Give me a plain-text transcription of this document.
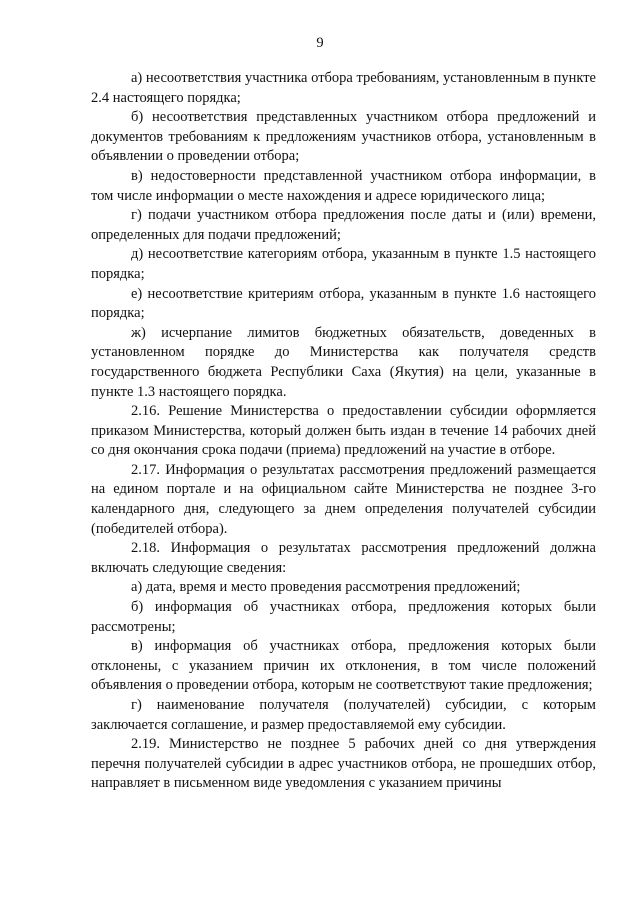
9

а) несоответствия участника отбора требованиям, установленным в пункте 2.4 настоящего порядка;

б) несоответствия представленных участником отбора предложений и документов требованиям к предложениям участников отбора, установленным в объявлении о проведении отбора;

в) недостоверности представленной участником отбора информации, в том числе информации о месте нахождения и адресе юридического лица;

г) подачи участником отбора предложения после даты и (или) времени, определенных для подачи предложений;

д) несоответствие категориям отбора, указанным в пункте 1.5 настоящего порядка;

е) несоответствие критериям отбора, указанным в пункте 1.6 настоящего порядка;

ж) исчерпание лимитов бюджетных обязательств, доведенных в установленном порядке до Министерства как получателя средств государственного бюджета Республики Саха (Якутия) на цели, указанные в пункте 1.3 настоящего порядка.

2.16. Решение Министерства о предоставлении субсидии оформляется приказом Министерства, который должен быть издан в течение 14 рабочих дней со дня окончания срока подачи (приема) предложений на участие в отборе.

2.17. Информация о результатах рассмотрения предложений размещается на едином портале и на официальном сайте Министерства не позднее 3-го календарного дня, следующего за днем определения получателей субсидии (победителей отбора).

2.18. Информация о результатах рассмотрения предложений должна включать следующие сведения:

а) дата, время и место проведения рассмотрения предложений;

б) информация об участниках отбора, предложения которых были рассмотрены;

в) информация об участниках отбора, предложения которых были отклонены, с указанием причин их отклонения, в том числе положений объявления о проведении отбора, которым не соответствуют такие предложения;

г) наименование получателя (получателей) субсидии, с которым заключается соглашение, и размер предоставляемой ему субсидии.

2.19. Министерство не позднее 5 рабочих дней со дня утверждения перечня получателей субсидии в адрес участников отбора, не прошедших отбор, направляет в письменном виде уведомления с указанием причины
